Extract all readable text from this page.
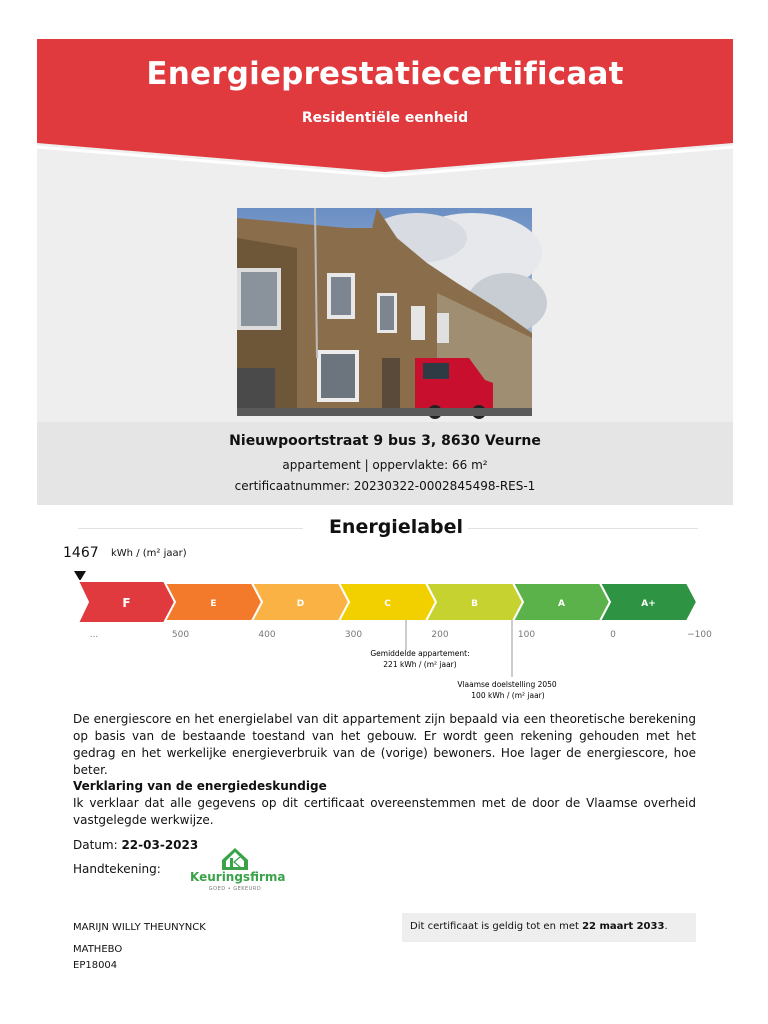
Energieprestatiecertificaat
Residentiële eenheid
Nieuwpoortstraat 9 bus 3, 8630 Veurne
appartement | oppervlakte: 66 m²
certificaatnummer: 20230322-0002845498-RES-1
Energielabel
1467 kWh / (m² jaar)
F	E	D	C	B	A	A+
...	500	400	300	200	100	0	−100
Gemiddelde appartement:
221 kWh / (m² jaar)
Vlaamse doelstelling 2050
100 kWh / (m² jaar)
De energiescore en het energielabel van dit appartement zijn bepaald via een theoretische berekening op basis van de bestaande toestand van het gebouw. Er wordt geen rekening gehouden met het gedrag en het werkelijke energieverbruik van de (vorige) bewoners. Hoe lager de energiescore, hoe beter.
Verklaring van de energiedeskundige
Ik verklaar dat alle gegevens op dit certificaat overeenstemmen met de door de Vlaamse overheid vastgelegde werkwijze.
Datum: 22-03-2023
Handtekening:
Keuringsfirma
GOED • GEKEURD
MARIJN WILLY THEUNYNCK
MATHEBO
EP18004
Dit certificaat is geldig tot en met 22 maart 2033.
